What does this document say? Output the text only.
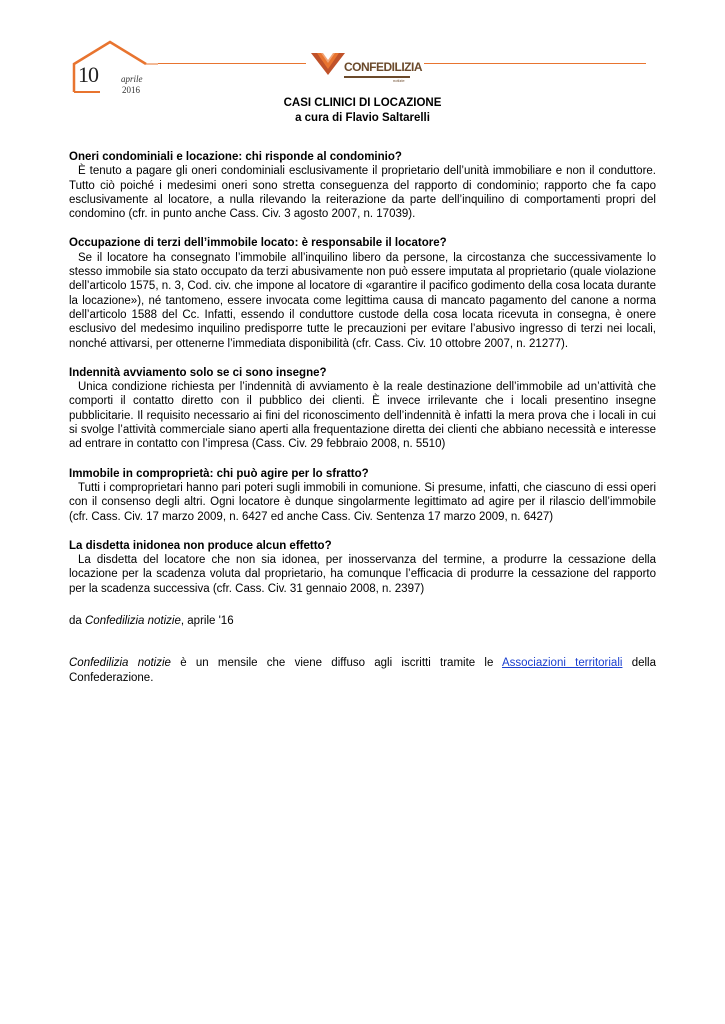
10	aprile
2016
CONFEDILIZIA
notizie
CASI CLINICI DI LOCAZIONE
a cura di Flavio Saltarelli
Oneri condominiali e locazione: chi risponde al condominio?

È tenuto a pagare gli oneri condominiali esclusivamente il proprietario dell’unità immobiliare e non il conduttore. Tutto ciò poiché i medesimi oneri sono stretta conseguenza del rapporto di condominio; rapporto che fa capo esclusivamente al locatore, a nulla rilevando la reiterazione da parte dell’inquilino di comportamenti propri del condomino (cfr. in punto anche Cass. Civ. 3 agosto 2007, n. 17039).

Occupazione di terzi dell’immobile locato: è responsabile il locatore?

Se il locatore ha consegnato l’immobile all’inquilino libero da persone, la circostanza che successivamente lo stesso immobile sia stato occupato da terzi abusivamente non può essere imputata al proprietario (quale violazione dell’articolo 1575, n. 3, Cod. civ. che impone al locatore di «garantire il pacifico godimento della cosa locata durante la locazione»), né tantomeno, essere invocata come legittima causa di mancato pagamento del canone a norma dell’articolo 1588 del Cc. Infatti, essendo il conduttore custode della cosa locata ricevuta in consegna, è onere esclusivo del medesimo inquilino predisporre tutte le precauzioni per evitare l’abusivo ingresso di terzi nei locali, nonché attivarsi, per ottenerne l’immediata disponibilità (cfr. Cass. Civ. 10 ottobre 2007, n. 21277).

Indennità avviamento solo se ci sono insegne?

Unica condizione richiesta per l’indennità di avviamento è la reale destinazione dell’immobile ad un’attività che comporti il contatto diretto con il pubblico dei clienti. È invece irrilevante che i locali presentino insegne pubblicitarie. Il requisito necessario ai fini del riconoscimento dell’indennità è infatti la mera prova che i locali in cui si svolge l’attività commerciale siano aperti alla frequentazione diretta dei clienti che abbiano necessità e interesse ad entrare in contatto con l’impresa (Cass. Civ. 29 febbraio 2008, n. 5510)

Immobile in comproprietà: chi può agire per lo sfratto?

Tutti i comproprietari hanno pari poteri sugli immobili in comunione. Si presume, infatti, che ciascuno di essi operi con il consenso degli altri. Ogni locatore è dunque singolarmente legittimato ad agire per il rilascio dell’immobile (cfr. Cass. Civ. 17 marzo 2009, n. 6427 ed anche Cass. Civ. Sentenza 17 marzo 2009, n. 6427)

La disdetta inidonea non produce alcun effetto?

La disdetta del locatore che non sia idonea, per inosservanza del termine, a produrre la cessazione della locazione per la scadenza voluta dal proprietario, ha comunque l’efficacia di produrre la cessazione del rapporto per la scadenza successiva (cfr. Cass. Civ. 31 gennaio 2008, n. 2397)

da Confedilizia notizie, aprile '16
Confedilizia notizie è un mensile che viene diffuso agli iscritti tramite le Associazioni territoriali della Confederazione.
